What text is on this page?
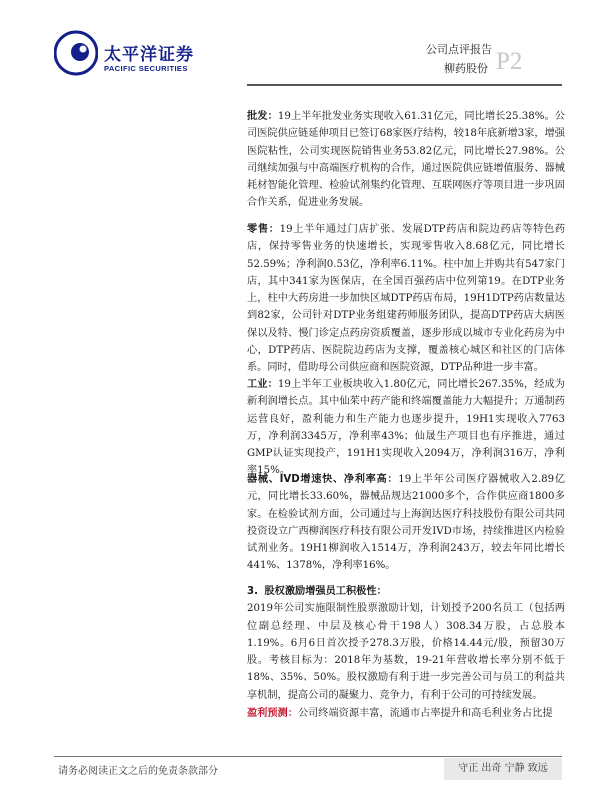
太平洋证券
PACIFIC SECURITIES
公司点评报告
柳药股份 P2

批发：19上半年批发业务实现收入61.31亿元，同比增长25.38%。公司医院供应链延伸项目已签订68家医疗结构，较18年底新增3家，增强医院粘性，公司实现医院销售业务53.82亿元，同比增长27.98%。公司继续加强与中高端医疗机构的合作，通过医院供应链增值服务、器械耗材智能化管理、检验试剂集约化管理、互联网医疗等项目进一步巩固合作关系，促进业务发展。

零售：19上半年通过门店扩张、发展DTP药店和院边药店等特色药店，保持零售业务的快速增长，实现零售收入8.68亿元，同比增长52.59%；净利润0.53亿，净利率6.11%。柱中加上并购共有547家门店，其中341家为医保店，在全国百强药店中位列第19。在DTP业务上，柱中大药房进一步加快区域DTP药店布局，19H1DTP药店数量达到82家，公司针对DTP业务组建药师服务团队，提高DTP药店大病医保以及特、慢门诊定点药房资质覆盖，逐步形成以城市专业化药房为中心，DTP药店、医院院边药店为支撑，覆盖核心城区和社区的门店体系。同时，借助母公司供应商和医院资源，DTP品种进一步丰富。

工业：19上半年工业板块收入1.80亿元，同比增长267.35%，经成为新利润增长点。其中仙茱中药产能和终端覆盖能力大幅提升；万通制药运营良好，盈利能力和生产能力也逐步提升，19H1实现收入7763万，净利润3345万，净利率43%；仙晟生产项目也有序推进，通过GMP认证实现投产，191H1实现收入2094万，净利润316万，净利率15%。

器械、IVD增速快、净利率高：19上半年公司医疗器械收入2.89亿元，同比增长33.60%，器械品规达21000多个，合作供应商1800多家。在检验试剂方面，公司通过与上海润达医疗科技股份有限公司共同投资设立广西柳润医疗科技有限公司开发IVD市场，持续推进区内检验试剂业务。19H1柳润收入1514万，净利润243万，较去年同比增长441%、1378%，净利率16%。

3. 股权激励增强员工积极性：

2019年公司实施限制性股票激励计划，计划授予200名员工（包括两位副总经理、中层及核心骨干198人）308.34万股，占总股本1.19%。6月6日首次授予278.3万股，价格14.44元/股，预留30万股。考核目标为：2018年为基数，19-21年营收增长率分别不低于18%、35%、50%。股权激励有利于进一步完善公司与员工的利益共享机制，提高公司的凝聚力、竞争力，有利于公司的可持续发展。

盈利预测：公司终端资源丰富，流通市占率提升和高毛利业务占比提

请务必阅读正文之后的免责条款部分	守正 出奇 宁静 致远
